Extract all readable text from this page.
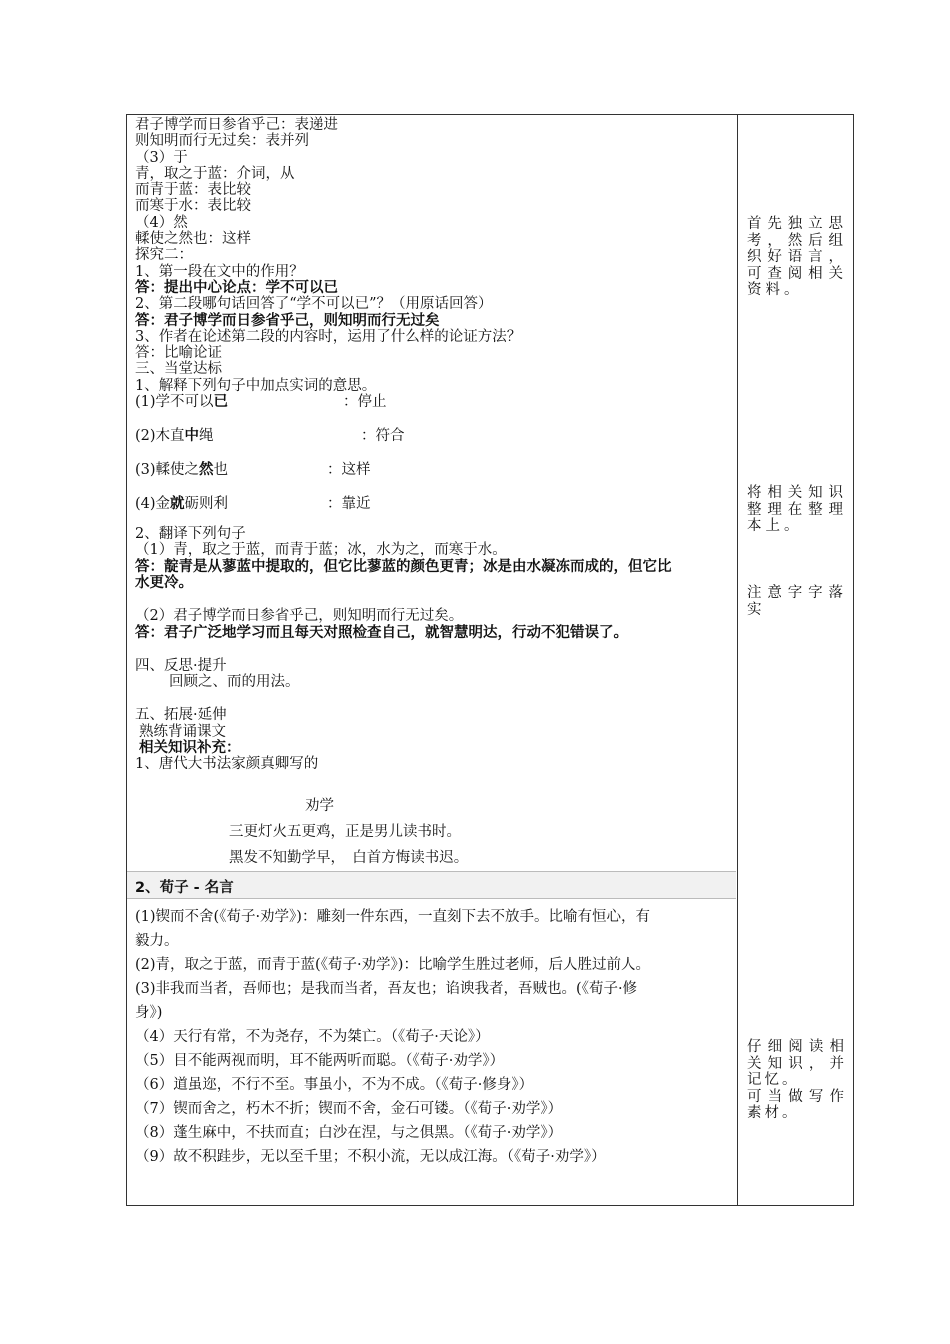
君子博学而日参省乎己：表递进
则知明而行无过矣：表并列
（3）于
青，取之于蓝：介词，从
而青于蓝：表比较
而寒于水：表比较
（4）然
輮使之然也：这样
探究二：
1、第一段在文中的作用？
答：提出中心论点：学不可以已
2、第二段哪句话回答了“学不可以已”？（用原话回答）
答：君子博学而日参省乎己，则知明而行无过矣
3、作者在论述第二段的内容时，运用了什么样的论证方法？
答：比喻论证
三、当堂达标
1、解释下列句子中加点实词的意思。
(1)学不可以已	：停止
(2)木直中绳	：符合
(3)輮使之然也	：这样
(4)金就砺则利	：靠近
2、翻译下列句子
（1）青，取之于蓝，而青于蓝；冰，水为之，而寒于水。
答：靛青是从蓼蓝中提取的，但它比蓼蓝的颜色更青；冰是由水凝冻而成的，但它比
水更冷。
（2）君子博学而日参省乎己，则知明而行无过矣。
答：君子广泛地学习而且每天对照检查自己，就智慧明达，行动不犯错误了。
四、反思·提升
回顾之、而的用法。
五、拓展·延伸
熟练背诵课文
相关知识补充：
1、唐代大书法家颜真卿写的
劝学
三更灯火五更鸡，正是男儿读书时。
黑发不知勤学早，　白首方悔读书迟。
2、荀子 - 名言
(1)锲而不舍(《荀子·劝学》)：雕刻一件东西，一直刻下去不放手。比喻有恒心，有
毅力。
(2)青，取之于蓝，而青于蓝(《荀子·劝学》)：比喻学生胜过老师，后人胜过前人。
(3)非我而当者，吾师也；是我而当者，吾友也；谄谀我者，吾贼也。(《荀子·修
身》)
（4）天行有常，不为尧存，不为桀亡。（《荀子·天论》）
（5）目不能两视而明，耳不能两听而聪。（《荀子·劝学》）
（6）道虽迩，不行不至。事虽小，不为不成。（《荀子·修身》）
（7）锲而舍之，朽木不折；锲而不舍，金石可镂。（《荀子·劝学》）
（8）蓬生麻中，不扶而直；白沙在涅，与之俱黑。（《荀子·劝学》）
（9）故不积跬步，无以至千里；不积小流，无以成江海。（《荀子·劝学》）
首先独立思考，然后组织好语言，可查阅相关资料。
将相关知识整理在整理本上。
注意字字落实
仔细阅读相关知识，并记忆。
可当做写作素材。
